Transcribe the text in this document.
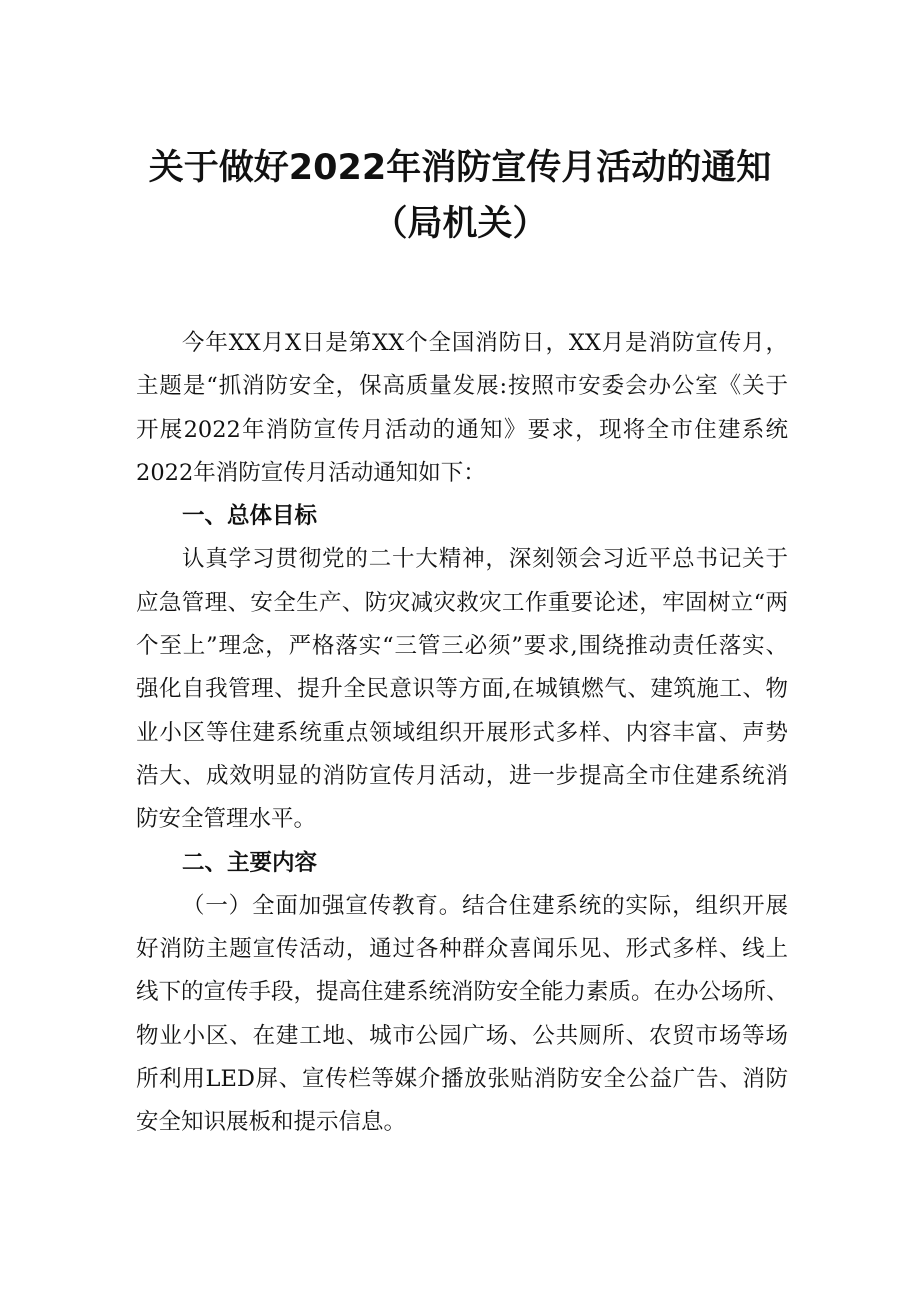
关于做好2022年消防宣传月活动的通知
（局机关）
今年XX月X日是第XX个全国消防日，XX月是消防宣传月，
主题是“抓消防安全，保高质量发展:按照市安委会办公室《关于
开展2022年消防宣传月活动的通知》要求，现将全市住建系统
2022年消防宣传月活动通知如下：
一、总体目标
认真学习贯彻党的二十大精神，深刻领会习近平总书记关于
应急管理、安全生产、防灾减灾救灾工作重要论述，牢固树立“两
个至上”理念，严格落实“三管三必须”要求,围绕推动责任落实、
强化自我管理、提升全民意识等方面,在城镇燃气、建筑施工、物
业小区等住建系统重点领域组织开展形式多样、内容丰富、声势
浩大、成效明显的消防宣传月活动，进一步提高全市住建系统消
防安全管理水平。
二、主要内容
（一）全面加强宣传教育。结合住建系统的实际，组织开展
好消防主题宣传活动，通过各种群众喜闻乐见、形式多样、线上
线下的宣传手段，提高住建系统消防安全能力素质。在办公场所、
物业小区、在建工地、城市公园广场、公共厕所、农贸市场等场
所利用LED屏、宣传栏等媒介播放张贴消防安全公益广告、消防
安全知识展板和提示信息。
